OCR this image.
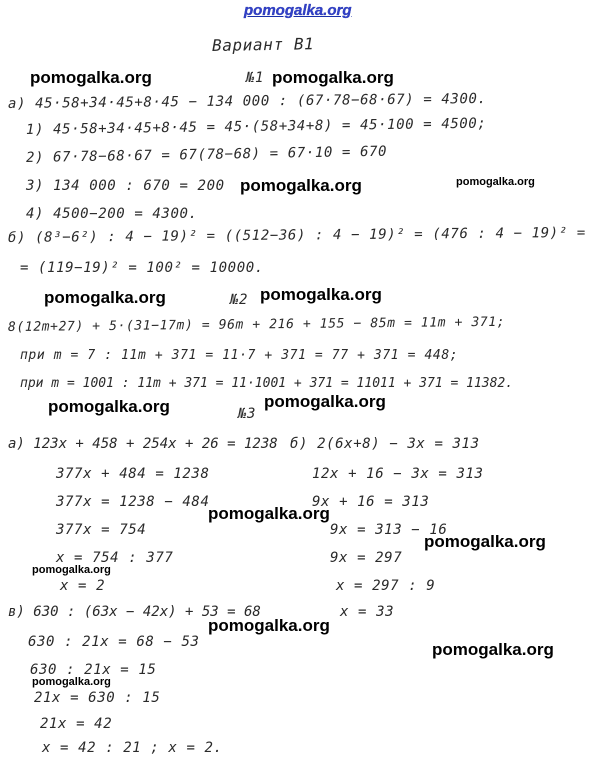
pomogalka.org
Вариант В1
№1
а) 45·58+34·45+8·45 − 134 000 : (67·78−68·67) = 4300.
1) 45·58+34·45+8·45 = 45·(58+34+8) = 45·100 = 4500;
2) 67·78−68·67 = 67(78−68) = 67·10 = 670
3) 134 000 : 670 = 200
4) 4500−200 = 4300.
б) (8³−6²) : 4 − 19)² = ((512−36) : 4 − 19)² = (476 : 4 − 19)² =
= (119−19)² = 100² = 10000.
№2
8(12m+27) + 5·(31−17m) = 96m + 216 + 155 − 85m = 11m + 371;
при m = 7 : 11m + 371 = 11·7 + 371 = 77 + 371 = 448;
при m = 1001 : 11m + 371 = 11·1001 + 371 = 11011 + 371 = 11382.
№3
а) 123x + 458 + 254x + 26 = 1238
377x + 484 = 1238
377x = 1238 − 484
377x = 754
x = 754 : 377
x = 2
б) 2(6x+8) − 3x = 313
12x + 16 − 3x = 313
9x + 16 = 313
9x = 313 − 16
9x = 297
x = 297 : 9
x = 33
в) 630 : (63x − 42x) + 53 = 68
630 : 21x = 68 − 53
630 : 21x = 15
21x = 630 : 15
21x = 42
x = 42 : 21 ; x = 2.
pomogalka.org	pomogalka.org
pomogalka.org	pomogalka.org
pomogalka.org	pomogalka.org
pomogalka.org	pomogalka.org
pomogalka.org
pomogalka.org
pomogalka.org
pomogalka.org
pomogalka.org
pomogalka.org
